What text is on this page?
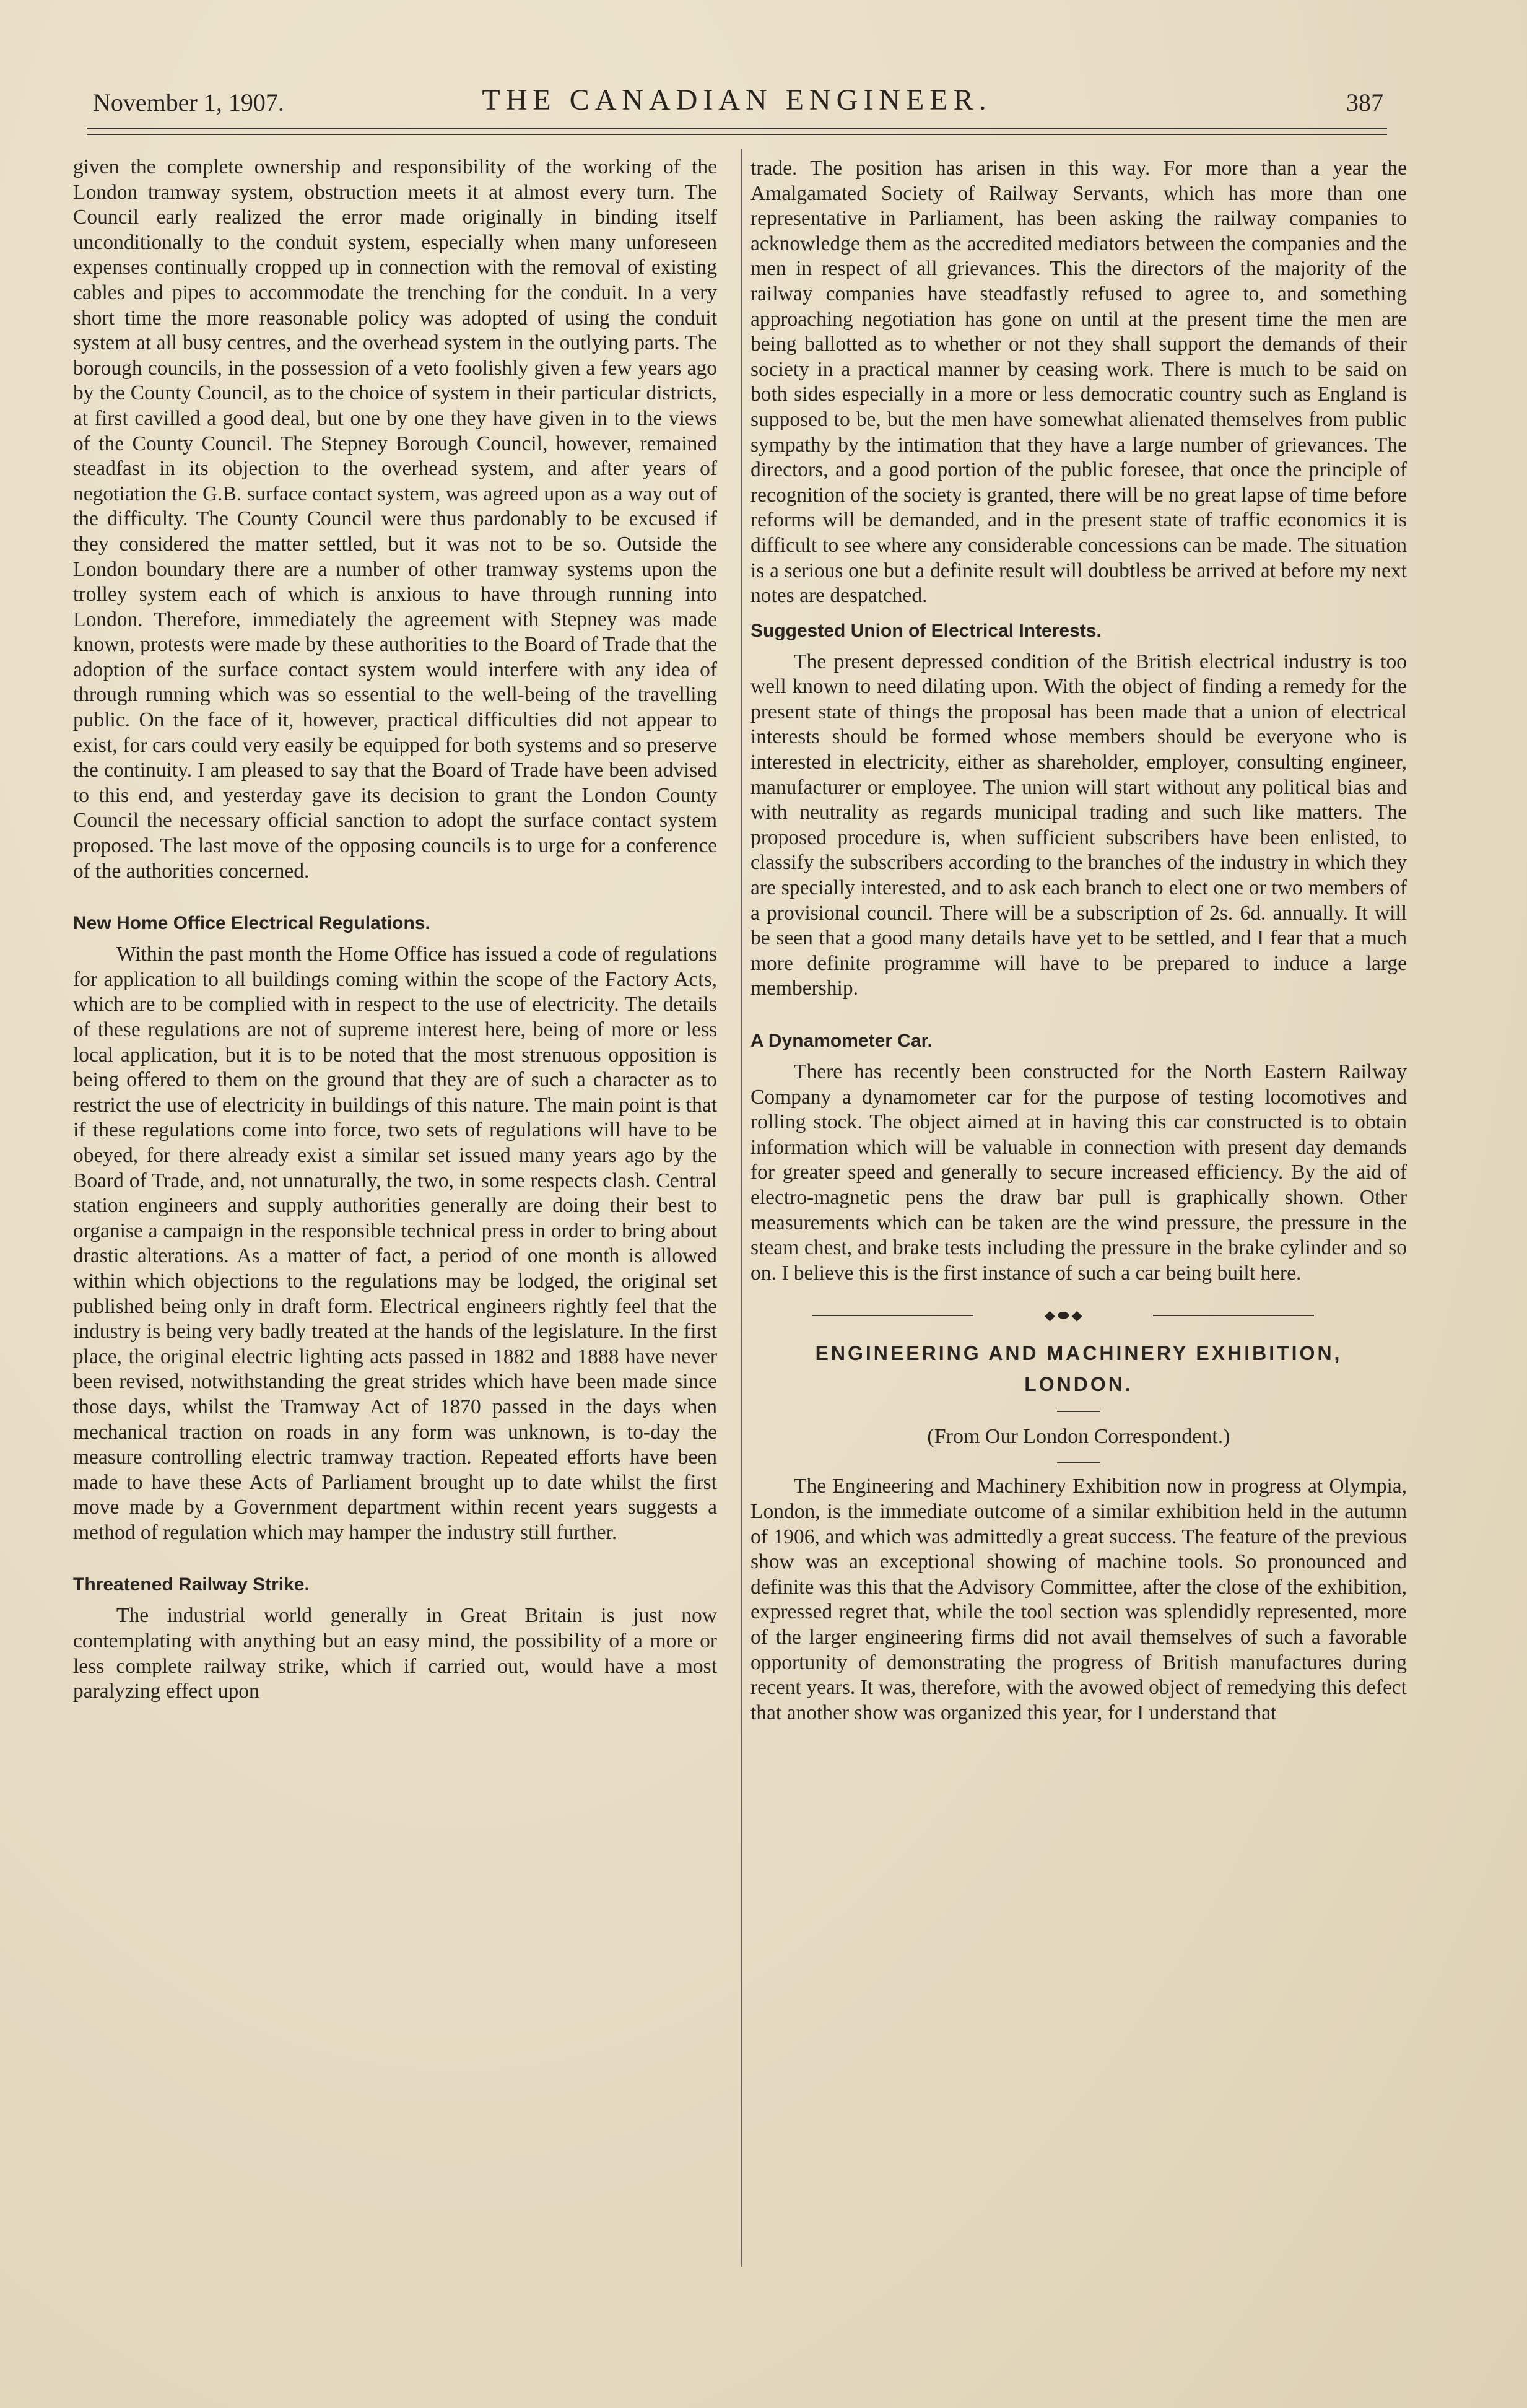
November 1, 1907.	THE CANADIAN ENGINEER.	387

given the complete ownership and responsibility of the working of the London tramway system, obstruction meets it at almost every turn. The Council early realized the error made originally in binding itself unconditionally to the conduit system, especially when many unforeseen expenses continually cropped up in connection with the removal of existing cables and pipes to accommodate the trenching for the conduit. In a very short time the more reasonable policy was adopted of using the conduit system at all busy centres, and the overhead system in the outlying parts. The borough councils, in the possession of a veto foolishly given a few years ago by the County Council, as to the choice of system in their particular districts, at first cavilled a good deal, but one by one they have given in to the views of the County Council. The Stepney Borough Council, however, remained steadfast in its objection to the overhead system, and after years of negotiation the G.B. surface contact system, was agreed upon as a way out of the difficulty. The County Council were thus pardonably to be excused if they considered the matter settled, but it was not to be so. Outside the London boundary there are a number of other tramway systems upon the trolley system each of which is anxious to have through running into London. Therefore, immediately the agreement with Stepney was made known, protests were made by these authorities to the Board of Trade that the adoption of the surface contact system would interfere with any idea of through running which was so essential to the well-being of the travelling public. On the face of it, however, practical difficulties did not appear to exist, for cars could very easily be equipped for both systems and so preserve the continuity. I am pleased to say that the Board of Trade have been advised to this end, and yesterday gave its decision to grant the London County Council the necessary official sanction to adopt the surface contact system proposed. The last move of the opposing councils is to urge for a conference of the authorities concerned.

New Home Office Electrical Regulations.

Within the past month the Home Office has issued a code of regulations for application to all buildings coming within the scope of the Factory Acts, which are to be complied with in respect to the use of electricity. The details of these regulations are not of supreme interest here, being of more or less local application, but it is to be noted that the most strenuous opposition is being offered to them on the ground that they are of such a character as to restrict the use of electricity in buildings of this nature. The main point is that if these regulations come into force, two sets of regulations will have to be obeyed, for there already exist a similar set issued many years ago by the Board of Trade, and, not unnaturally, the two, in some respects clash. Central station engineers and supply authorities generally are doing their best to organise a campaign in the responsible technical press in order to bring about drastic alterations. As a matter of fact, a period of one month is allowed within which objections to the regulations may be lodged, the original set published being only in draft form. Electrical engineers rightly feel that the industry is being very badly treated at the hands of the legislature. In the first place, the original electric lighting acts passed in 1882 and 1888 have never been revised, notwithstanding the great strides which have been made since those days, whilst the Tramway Act of 1870 passed in the days when mechanical traction on roads in any form was unknown, is to-day the measure controlling electric tramway traction. Repeated efforts have been made to have these Acts of Parliament brought up to date whilst the first move made by a Government department within recent years suggests a method of regulation which may hamper the industry still further.

Threatened Railway Strike.

The industrial world generally in Great Britain is just now contemplating with anything but an easy mind, the possibility of a more or less complete railway strike, which if carried out, would have a most paralyzing effect upon

trade. The position has arisen in this way. For more than a year the Amalgamated Society of Railway Servants, which has more than one representative in Parliament, has been asking the railway companies to acknowledge them as the accredited mediators between the companies and the men in respect of all grievances. This the directors of the majority of the railway companies have steadfastly refused to agree to, and something approaching negotiation has gone on until at the present time the men are being ballotted as to whether or not they shall support the demands of their society in a practical manner by ceasing work. There is much to be said on both sides especially in a more or less democratic country such as England is supposed to be, but the men have somewhat alienated themselves from public sympathy by the intimation that they have a large number of grievances. The directors, and a good portion of the public foresee, that once the principle of recognition of the society is granted, there will be no great lapse of time before reforms will be demanded, and in the present state of traffic economics it is difficult to see where any considerable concessions can be made. The situation is a serious one but a definite result will doubtless be arrived at before my next notes are despatched.

Suggested Union of Electrical Interests.

The present depressed condition of the British electrical industry is too well known to need dilating upon. With the object of finding a remedy for the present state of things the proposal has been made that a union of electrical interests should be formed whose members should be everyone who is interested in electricity, either as shareholder, employer, consulting engineer, manufacturer or employee. The union will start without any political bias and with neutrality as regards municipal trading and such like matters. The proposed procedure is, when sufficient subscribers have been enlisted, to classify the subscribers according to the branches of the industry in which they are specially interested, and to ask each branch to elect one or two members of a provisional council. There will be a subscription of 2s. 6d. annually. It will be seen that a good many details have yet to be settled, and I fear that a much more definite programme will have to be prepared to induce a large membership.

A Dynamometer Car.

There has recently been constructed for the North Eastern Railway Company a dynamometer car for the purpose of testing locomotives and rolling stock. The object aimed at in having this car constructed is to obtain information which will be valuable in connection with present day demands for greater speed and generally to secure increased efficiency. By the aid of electro-magnetic pens the draw bar pull is graphically shown. Other measurements which can be taken are the wind pressure, the pressure in the steam chest, and brake tests including the pressure in the brake cylinder and so on. I believe this is the first instance of such a car being built here.

◆⬬◆
ENGINEERING AND MACHINERY EXHIBITION,
LONDON.
(From Our London Correspondent.)

The Engineering and Machinery Exhibition now in progress at Olympia, London, is the immediate outcome of a similar exhibition held in the autumn of 1906, and which was admittedly a great success. The feature of the previous show was an exceptional showing of machine tools. So pronounced and definite was this that the Advisory Committee, after the close of the exhibition, expressed regret that, while the tool section was splendidly represented, more of the larger engineering firms did not avail themselves of such a favorable opportunity of demonstrating the progress of British manufactures during recent years. It was, therefore, with the avowed object of remedying this defect that another show was organized this year, for I understand that
